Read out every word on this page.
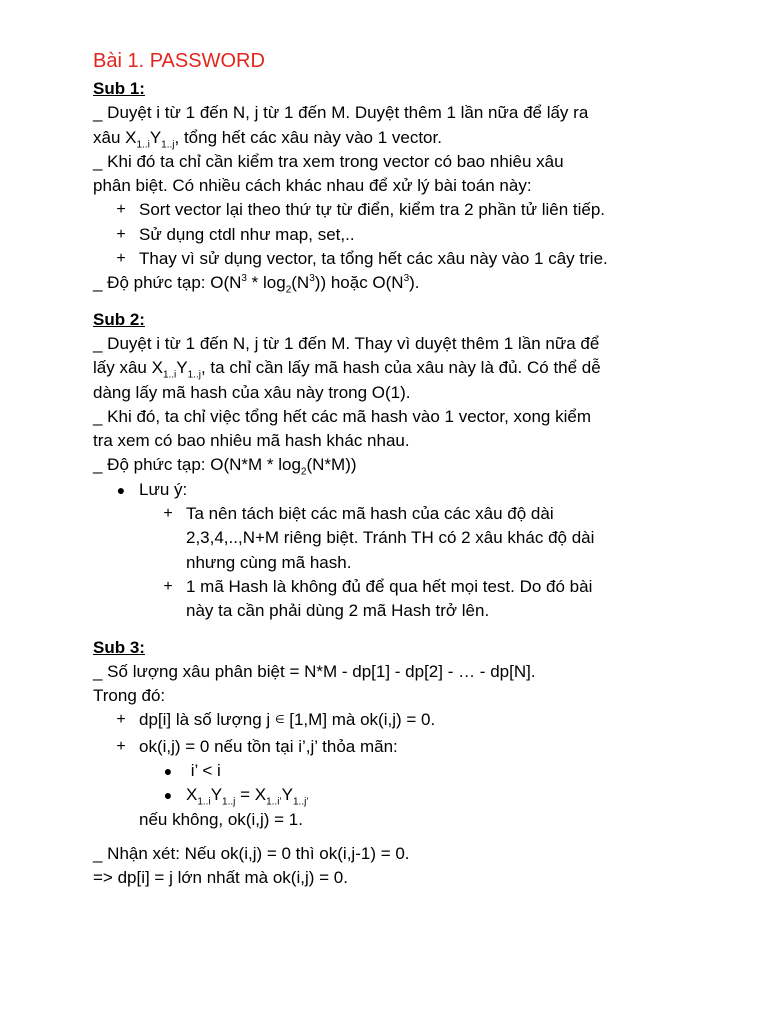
Bài 1. PASSWORD
Sub 1:
_ Duyệt i từ 1 đến N, j từ 1 đến M. Duyệt thêm 1 lần nữa để lấy ra
xâu $X_{1..i}Y_{1..j}$, tổng hết các xâu này vào 1 vector.
_ Khi đó ta chỉ cần kiểm tra xem trong vector có bao nhiêu xâu
phân biệt. Có nhiều cách khác nhau để xử lý bài toán này:
+ Sort vector lại theo thứ tự từ điển, kiểm tra 2 phần tử liên tiếp.
+ Sử dụng ctdl như map, set,..
+ Thay vì sử dụng vector, ta tổng hết các xâu này vào 1 cây trie.
_ Độ phức tạp: $O(N^3 * \log_2(N^3))$ hoặc $O(N^3)$.
Sub 2:
_ Duyệt i từ 1 đến N, j từ 1 đến M. Thay vì duyệt thêm 1 lần nữa để
lấy xâu $X_{1..i}Y_{1..j}$, ta chỉ cần lấy mã hash của xâu này là đủ. Có thể dễ
dàng lấy mã hash của xâu này trong O(1).
_ Khi đó, ta chỉ việc tổng hết các mã hash vào 1 vector, xong kiểm
tra xem có bao nhiêu mã hash khác nhau.
_ Độ phức tạp: $O(N*M * \log_2(N*M))$
● Lưu ý:
+ Ta nên tách biệt các mã hash của các xâu độ dài
2,3,4,..,N+M riêng biệt. Tránh TH có 2 xâu khác độ dài
nhưng cùng mã hash.
+ 1 mã Hash là không đủ để qua hết mọi test. Do đó bài
này ta cần phải dùng 2 mã Hash trở lên.
Sub 3:
_ Số lượng xâu phân biệt = N*M - dp[1] - dp[2] - … - dp[N].
Trong đó:
+ dp[i] là số lượng j ∈ [1,M] mà ok(i,j) = 0.
+ ok(i,j) = 0 nếu tồn tại i’,j’ thỏa mãn:
●	i’ < i
● $X_{1..i}Y_{1..j} = X_{1..i’}Y_{1..j’}$
nếu không, ok(i,j) = 1.
_ Nhận xét: Nếu ok(i,j) = 0 thì ok(i,j-1) = 0.
=> dp[i] = j lớn nhất mà ok(i,j) = 0.
